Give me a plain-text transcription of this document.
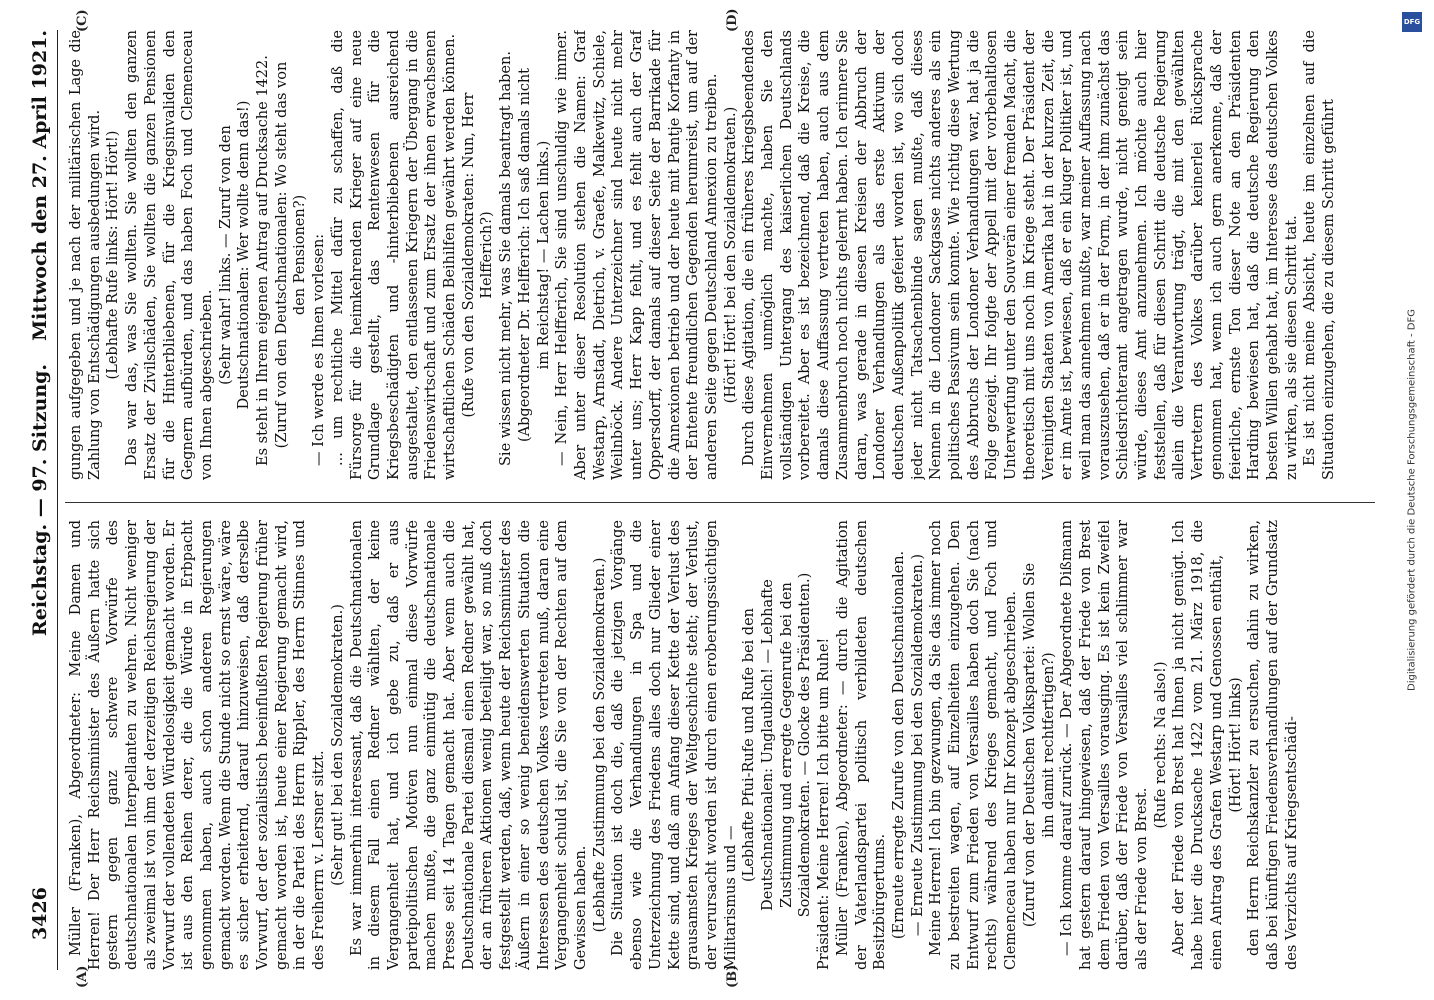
3426
Reichstag. — 97. Sitzung.
Mittwoch den 27. April 1921.
(A)	(B)
(C)	(D)

Müller (Franken), Abgeordneter: Meine Damen und Herren! Der Herr Reichsminister des Äußern hatte sich gestern gegen ganz schwere Vorwürfe des deutschnationalen Interpellanten zu wehren. Nicht weniger als zweimal ist von ihm der derzeitigen Reichsregierung der Vorwurf der vollendeten Würdelosigkeit gemacht worden. Er ist aus den Reihen derer, die die Würde in Erbpacht genommen haben, auch schon anderen Regierungen gemacht worden. Wenn die Stunde nicht so ernst wäre, wäre es sicher erheiternd, darauf hinzuweisen, daß derselbe Vorwurf, der der sozialistisch beeinflußten Regierung früher gemacht worden ist, heute einer Regierung gemacht wird, in der die Partei des Herrn Rippler, des Herrn Stinnes und des Freiherrn v. Lersner sitzt. (Sehr gut! bei den Sozialdemokraten.) Es war immerhin interessant, daß die Deutschnationalen in diesem Fall einen Redner wählten, der keine Vergangenheit hat, und ich gebe zu, daß er aus parteipolitischen Motiven nun einmal diese Vorwürfe machen mußte, die ganz einmütig die deutschnationale Presse seit 14 Tagen gemacht hat. Aber wenn auch die Deutschnationale Partei diesmal einen Redner gewählt hat, der an früheren Aktionen wenig beteiligt war, so muß doch festgestellt werden, daß, wenn heute der Reichsminister des Äußern in einer so wenig beneidenswerten Situation die Interessen des deutschen Volkes vertreten muß, daran eine Vergangenheit schuld ist, die Sie von der Rechten auf dem Gewissen haben. (Lebhafte Zustimmung bei den Sozialdemokraten.) Die Situation ist doch die, daß die jetzigen Vorgänge ebenso wie die Verhandlungen in Spa und die Unterzeichnung des Friedens alles doch nur Glieder einer Kette sind, und daß am Anfang dieser Kette der Verlust des grausamsten Krieges der Weltgeschichte steht; der Verlust, der verursacht worden ist durch einen eroberungssüchtigen Militarismus und —

(Lebhafte Pfui-Rufe und Rufe bei den Deutschnationalen: Unglaublich! — Lebhafte Zustimmung und erregte Gegenrufe bei den Sozialdemokraten. — Glocke des Präsidenten.) Präsident: Meine Herren! Ich bitte um Ruhe! Müller (Franken), Abgeordneter: — durch die Agitation der Vaterlandspartei politisch verbildeten deutschen Besitzbürgertums. (Erneute erregte Zurufe von den Deutschnationalen. — Erneute Zustimmung bei den Sozialdemokraten.) Meine Herren! Ich bin gezwungen, da Sie das immer noch zu bestreiten wagen, auf Einzelheiten einzugehen. Den Entwurf zum Frieden von Versailles haben doch Sie (nach rechts) während des Krieges gemacht, und Foch und Clemenceau haben nur Ihr Konzept abgeschrieben. (Zuruf von der Deutschen Volkspartei: Wollen Sie ihn damit rechtfertigen?) — Ich komme darauf zurück. — Der Abgeordnete Dißmann hat gestern darauf hingewiesen, daß der Friede von Brest dem Frieden von Versailles vorausging. Es ist kein Zweifel darüber, daß der Friede von Versailles viel schlimmer war als der Friede von Brest.

(Rufe rechts: Na also!) Aber der Friede von Brest hat Ihnen ja nicht genügt. Ich habe hier die Drucksache 1422 vom 21. März 1918, die einen Antrag des Grafen Westarp und Genossen enthält, (Hört! Hört! links) den Herrn Reichskanzler zu ersuchen, dahin zu wirken, daß bei künftigen Friedensverhandlungen auf der Grundsatz des Verzichts auf Kriegsentschädi-

gungen aufgegeben und je nach der militärischen Lage die Zahlung von Entschädigungen ausbedungen wird. (Lebhafte Rufe links: Hört! Hört!) Das war das, was Sie wollten. Sie wollten den ganzen Ersatz der Zivilschäden, Sie wollten die ganzen Pensionen für die Hinterbliebenen, für die Kriegsinvaliden den Gegnern aufbürden, und das haben Foch und Clemenceau von Ihnen abgeschrieben. (Sehr wahr! links. — Zuruf von den Deutschnationalen: Wer wollte denn das!) Es steht in Ihrem eigenen Antrag auf Drucksache 1422. (Zuruf von den Deutschnationalen: Wo steht das von den Pensionen?) — Ich werde es Ihnen vorlesen: ... um rechtliche Mittel dafür zu schaffen, daß die Fürsorge für die heimkehrenden Krieger auf eine neue Grundlage gestellt, das Rentenwesen für die Kriegsbeschädigten und -hinterbliebenen ausreichend ausgestaltet, den entlassenen Kriegern der Übergang in die Friedenswirtschaft und zum Ersatz der ihnen erwachsenen wirtschaftlichen Schäden Beihilfen gewährt werden können. (Rufe von den Sozialdemokraten: Nun, Herr Helfferich?) Sie wissen nicht mehr, was Sie damals beantragt haben. (Abgeordneter Dr. Helfferich: Ich saß damals nicht im Reichstag! — Lachen links.) — Nein, Herr Helfferich, Sie sind unschuldig wie immer. Aber unter dieser Resolution stehen die Namen: Graf Westarp, Arnstadt, Dietrich, v. Graefe, Malkewitz, Schiele, Weilnböck. Andere Unterzeichner sind heute nicht mehr unter uns; Herr Kapp fehlt, und es fehlt auch der Graf Oppersdorff, der damals auf dieser Seite der Barrikade für die Annexionen betrieb und der heute mit Pantje Korfanty in der Entente freundlichen Gegenden herumreist, um auf der anderen Seite gegen Deutschland Annexion zu treiben. (Hört! Hört! bei den Sozialdemokraten.) Durch diese Agitation, die ein früheres kriegsbeendendes Einvernehmen unmöglich machte, haben Sie den vollständigen Untergang des kaiserlichen Deutschlands vorbereitet. Aber es ist bezeichnend, daß die Kreise, die damals diese Auffassung vertreten haben, auch aus dem Zusammenbruch noch nichts gelernt haben. Ich erinnere Sie daran, was gerade in diesen Kreisen der Abbruch der Londoner Verhandlungen als das erste Aktivum der deutschen Außenpolitik gefeiert worden ist, wo sich doch jeder nicht Tatsachenblinde sagen mußte, daß dieses Nennen in die Londoner Sackgasse nichts anderes als ein politisches Passivum sein konnte. Wie richtig diese Wertung des Abbruchs der Londoner Verhandlungen war, hat ja die Folge gezeigt. Ihr folgte der Appell mit der vorbehaltlosen Unterwerfung unter den Souverän einer fremden Macht, die theoretisch mit uns noch im Kriege steht. Der Präsident der Vereinigten Staaten von Amerika hat in der kurzen Zeit, die er im Amte ist, bewiesen, daß er ein kluger Politiker ist, und weil man das annehmen mußte, war meiner Auffassung nach vorauszusehen, daß er in der Form, in der ihm zunächst das Schiedsrichteramt angetragen wurde, nicht geneigt sein würde, dieses Amt anzunehmen. Ich möchte auch hier feststellen, daß für diesen Schritt die deutsche Regierung allein die Verantwortung trägt, die mit den gewählten Vertretern des Volkes darüber keinerlei Rücksprache genommen hat, wenn ich auch gern anerkenne, daß der feierliche, ernste Ton dieser Note an den Präsidenten Harding bewiesen hat, daß die deutsche Regierung den besten Willen gehabt hat, im Interesse des deutschen Volkes zu wirken, als sie diesen Schritt tat. Es ist nicht meine Absicht, heute im einzelnen auf die Situation einzugehen, die zu diesem Schritt geführt

DFG
Digitalisierung gefördert durch die Deutsche Forschungsgemeinschaft - DFG
